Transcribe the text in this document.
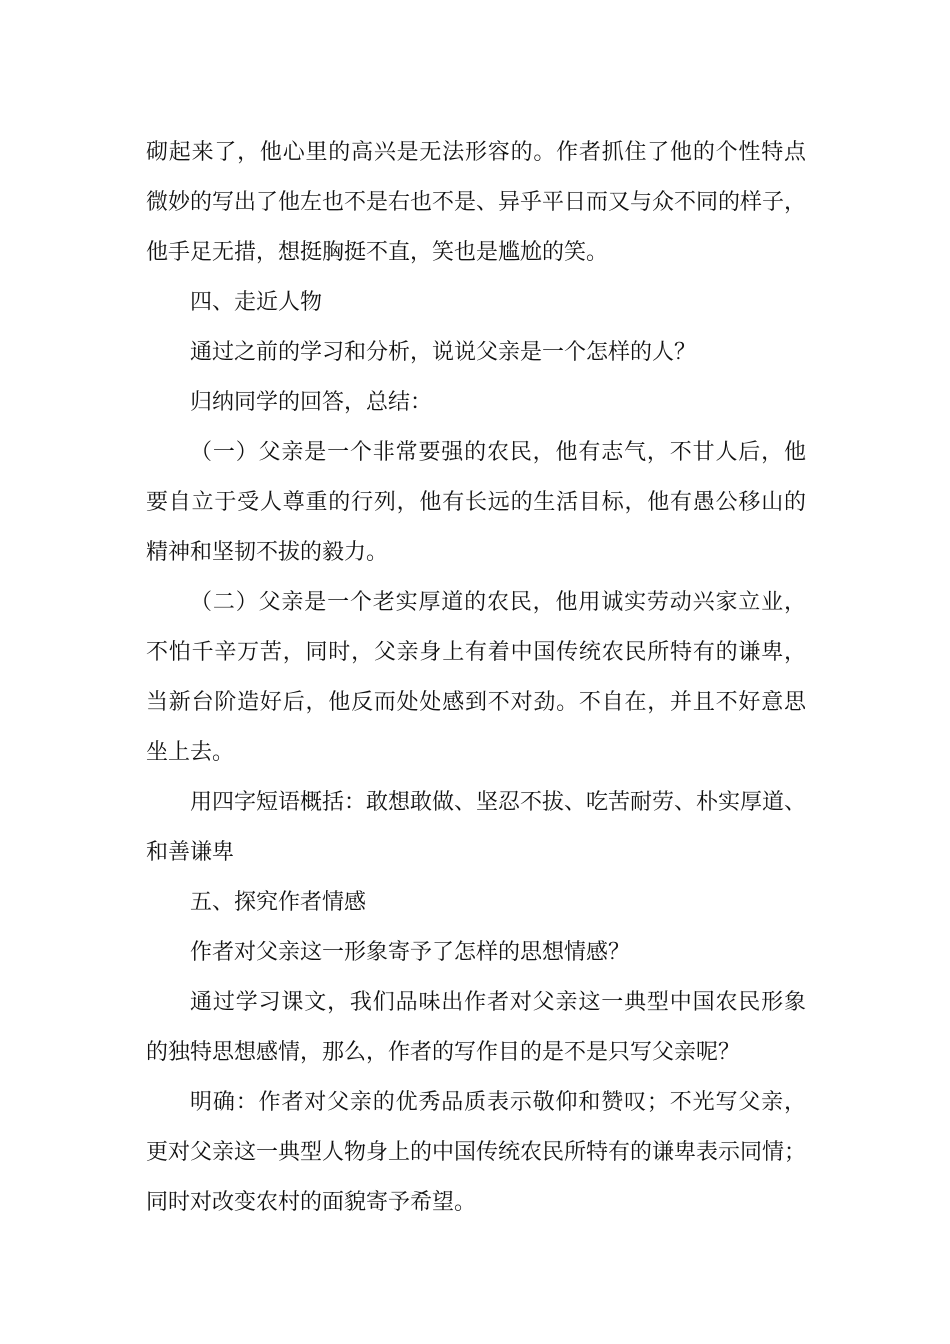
砌起来了，他心里的高兴是无法形容的。作者抓住了他的个性特点
微妙的写出了他左也不是右也不是、异乎平日而又与众不同的样子，
他手足无措，想挺胸挺不直，笑也是尴尬的笑。
四、走近人物
通过之前的学习和分析，说说父亲是一个怎样的人？
归纳同学的回答，总结：
（一）父亲是一个非常要强的农民，他有志气，不甘人后，他
要自立于受人尊重的行列，他有长远的生活目标，他有愚公移山的
精神和坚韧不拔的毅力。
（二）父亲是一个老实厚道的农民，他用诚实劳动兴家立业，
不怕千辛万苦，同时，父亲身上有着中国传统农民所特有的谦卑，
当新台阶造好后，他反而处处感到不对劲。不自在，并且不好意思
坐上去。
用四字短语概括：敢想敢做、坚忍不拔、吃苦耐劳、朴实厚道、
和善谦卑
五、探究作者情感
作者对父亲这一形象寄予了怎样的思想情感？
通过学习课文，我们品味出作者对父亲这一典型中国农民形象
的独特思想感情，那么，作者的写作目的是不是只写父亲呢？
明确：作者对父亲的优秀品质表示敬仰和赞叹；不光写父亲，
更对父亲这一典型人物身上的中国传统农民所特有的谦卑表示同情；
同时对改变农村的面貌寄予希望。
